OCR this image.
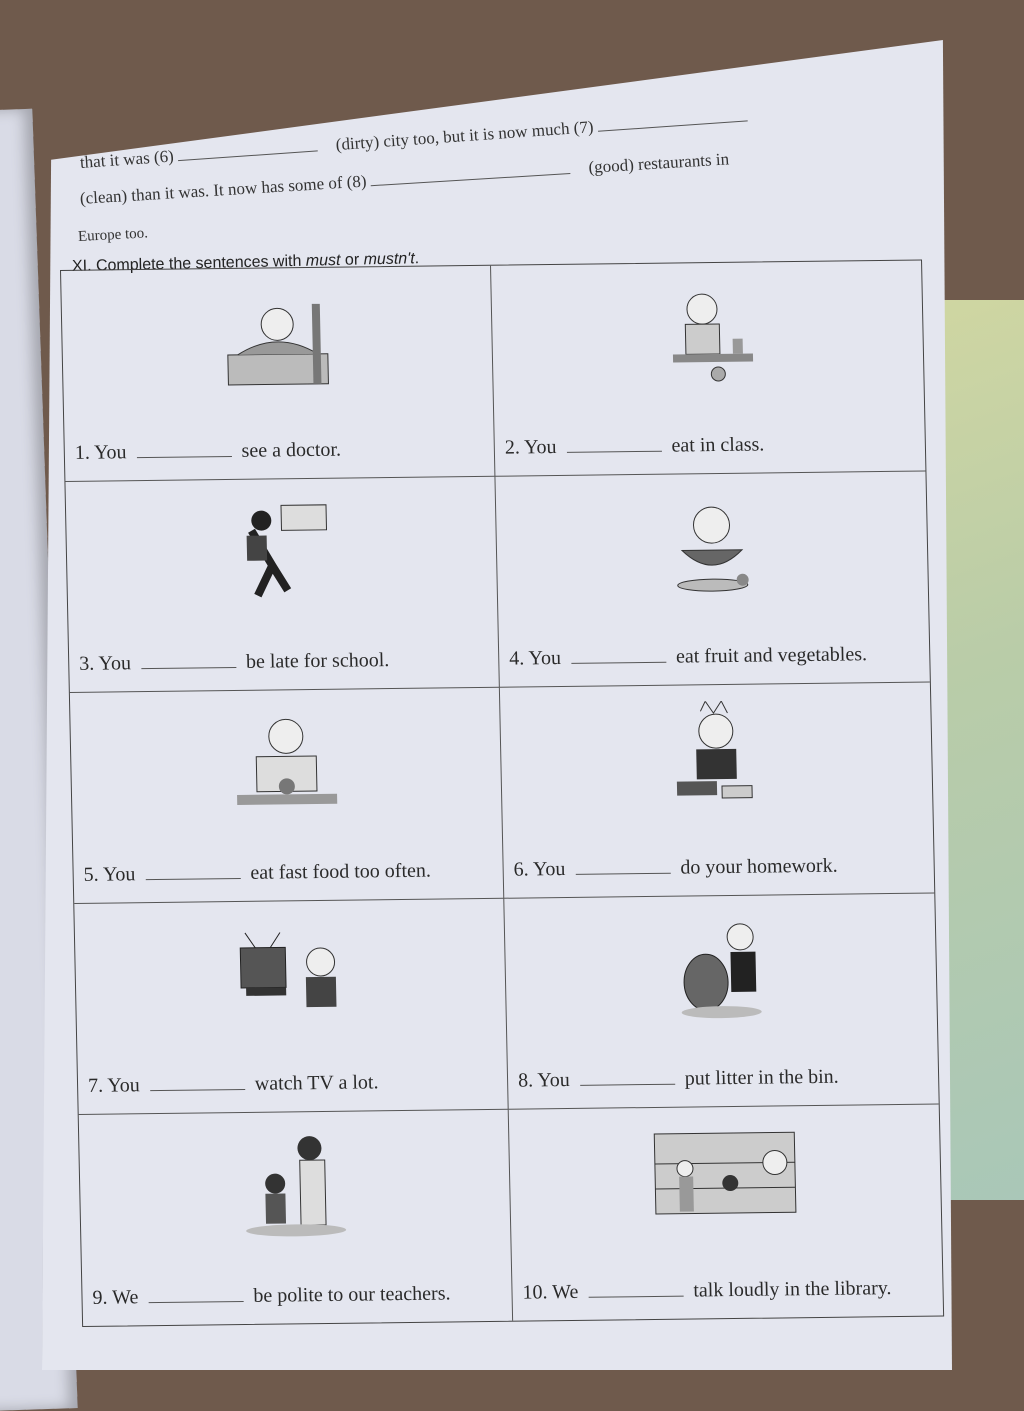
that it was (6)  (dirty) city too, but it is now much (7)
(clean) than it was. It now has some of (8)  (good) restaurants in
Europe too.
XI. Complete the sentences with must or mustn't.
1. You	see a doctor.	2. You	eat in class.
3. You	be late for school.	4. You	eat fruit and vegetables.
5. You	eat fast food too often.	6. You	do your homework.
7. You	watch TV a lot.	8. You	put litter in the bin.
9. We	be polite to our teachers.	10. We	talk loudly in the library.
